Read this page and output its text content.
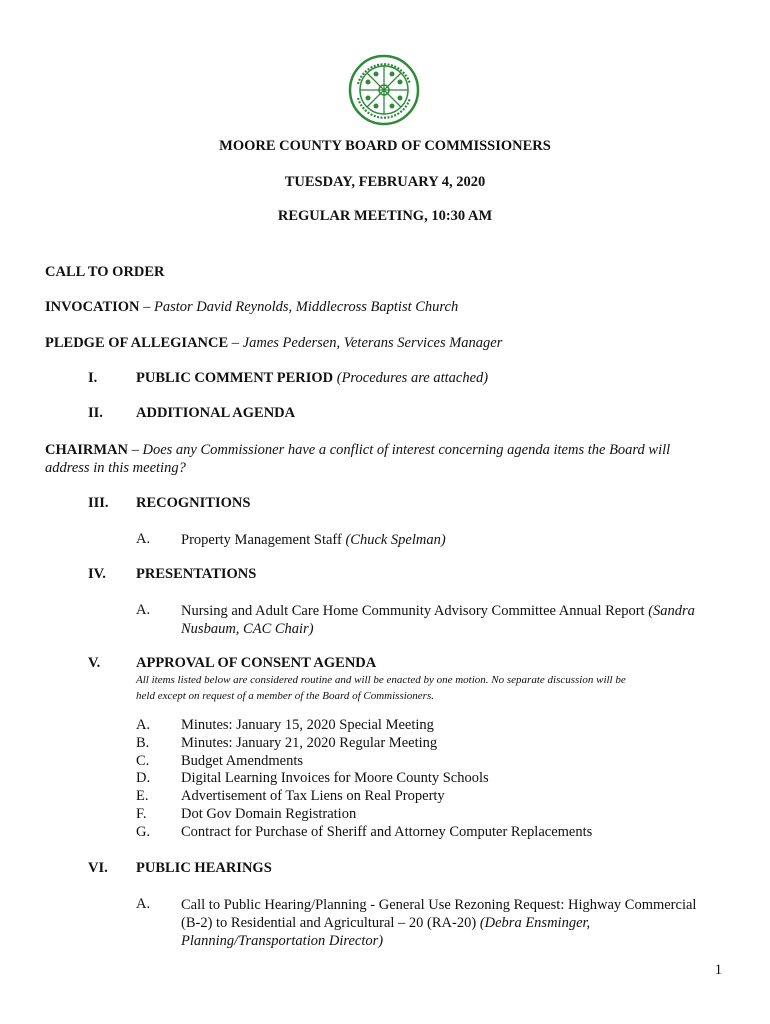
MOORE COUNTY BOARD OF COMMISSIONERS
TUESDAY, FEBRUARY 4, 2020
REGULAR MEETING, 10:30 AM
CALL TO ORDER
INVOCATION – Pastor David Reynolds, Middlecross Baptist Church
PLEDGE OF ALLEGIANCE – James Pedersen, Veterans Services Manager
I.	PUBLIC COMMENT PERIOD (Procedures are attached)
II. ADDITIONAL AGENDA
CHAIRMAN – Does any Commissioner have a conflict of interest concerning agenda items the Board will
address in this meeting?
III. RECOGNITIONS
A. Property Management Staff (Chuck Spelman)
IV. PRESENTATIONS
A. Nursing and Adult Care Home Community Advisory Committee Annual Report (Sandra
Nusbaum, CAC Chair)
V. APPROVAL OF CONSENT AGENDA
All items listed below are considered routine and will be enacted by one motion. No separate discussion will be
held except on request of a member of the Board of Commissioners.
A.	Minutes: January 15, 2020 Special Meeting
B.	Minutes: January 21, 2020 Regular Meeting
C.	Budget Amendments
D.	Digital Learning Invoices for Moore County Schools
E.	Advertisement of Tax Liens on Real Property
F.	Dot Gov Domain Registration
G.	Contract for Purchase of Sheriff and Attorney Computer Replacements
VI. PUBLIC HEARINGS
A. Call to Public Hearing/Planning - General Use Rezoning Request: Highway Commercial
(B-2) to Residential and Agricultural – 20 (RA-20) (Debra Ensminger,
Planning/Transportation Director)
1
